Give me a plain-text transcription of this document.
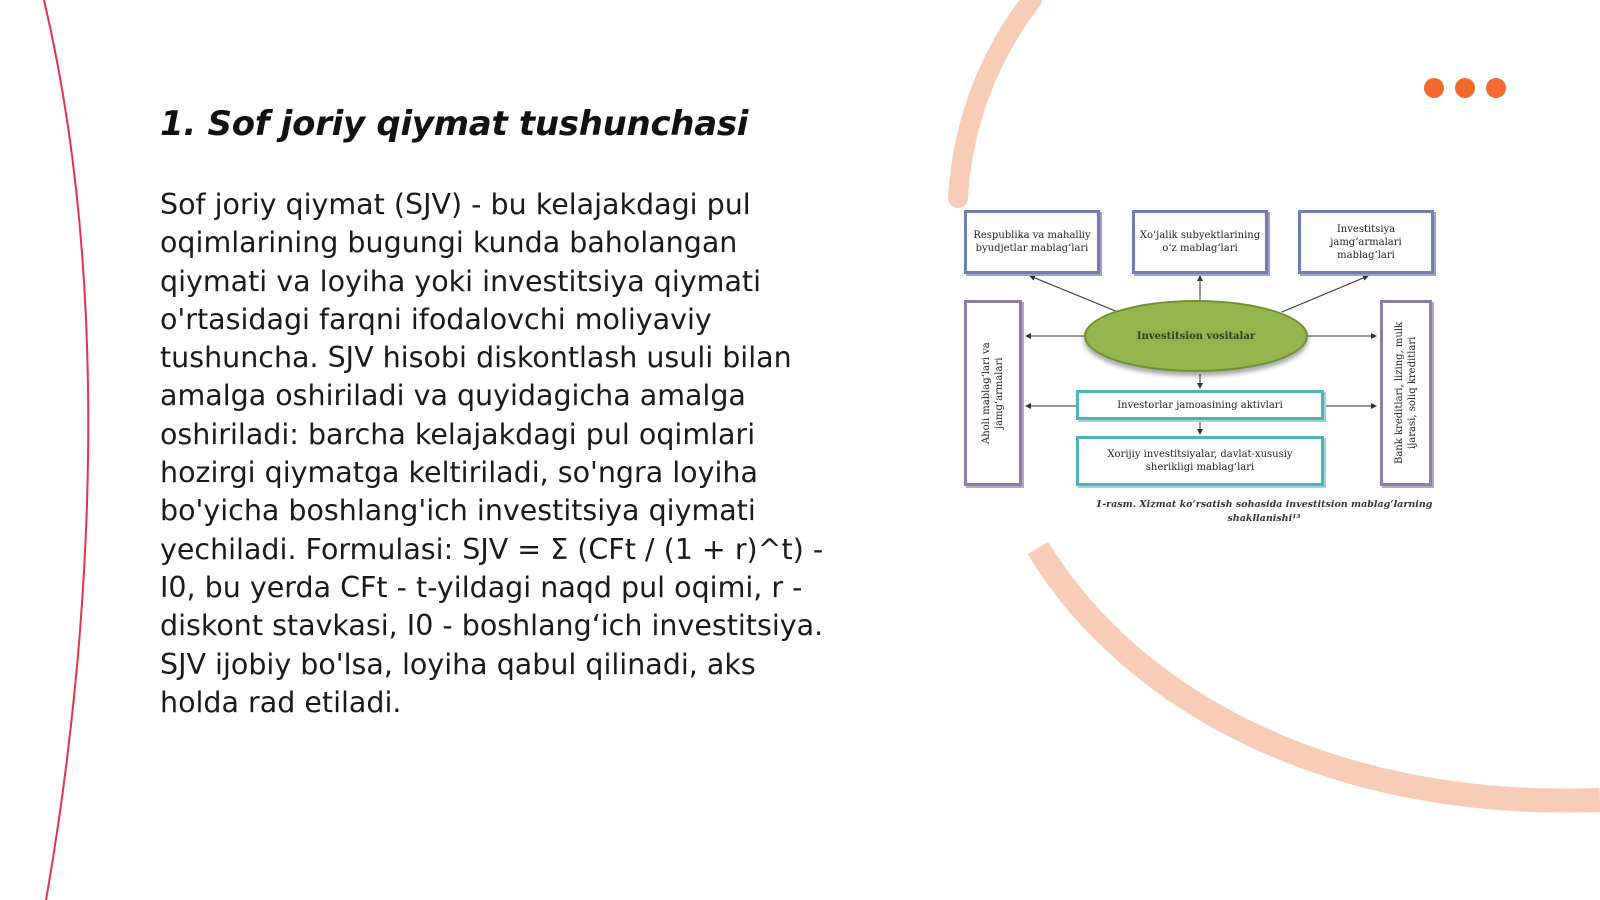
1. Sof joriy qiymat tushunchasi

Sof joriy qiymat (SJV) - bu kelajakdagi pul oqimlarining bugungi kunda baholangan qiymati va loyiha yoki investitsiya qiymati o'rtasidagi farqni ifodalovchi moliyaviy tushuncha. SJV hisobi diskontlash usuli bilan amalga oshiriladi va quyidagicha amalga oshiriladi: barcha kelajakdagi pul oqimlari hozirgi qiymatga keltiriladi, so'ngra loyiha bo'yicha boshlang'ich investitsiya qiymati yechiladi. Formulasi: SJV = Σ (CFt / (1 + r)^t) - I0, bu yerda CFt - t-yildagi naqd pul oqimi, r - diskont stavkasi, I0 - boshlang‘ich investitsiya. SJV ijobiy bo'lsa, loyiha qabul qilinadi, aks holda rad etiladi.

Respublika va mahalliy byudjetlar mablag‘lari
Xo‘jalik subyektlarining o‘z mablag‘lari
Investitsiya jamg‘armalari mablag‘lari
Aholi mablag‘lari va jamg‘armalari	Bank kreditlari, lizing, mulk ijarasi, soliq kreditlari
Investitsion vositalar
Investorlar jamoasining aktivlari
Xorijiy investitsiyalar, davlat-xususiy sherikligi mablag‘lari
1-rasm. Xizmat ko‘rsatish sohasida investitsion mablag‘larning shakllanishi¹³
